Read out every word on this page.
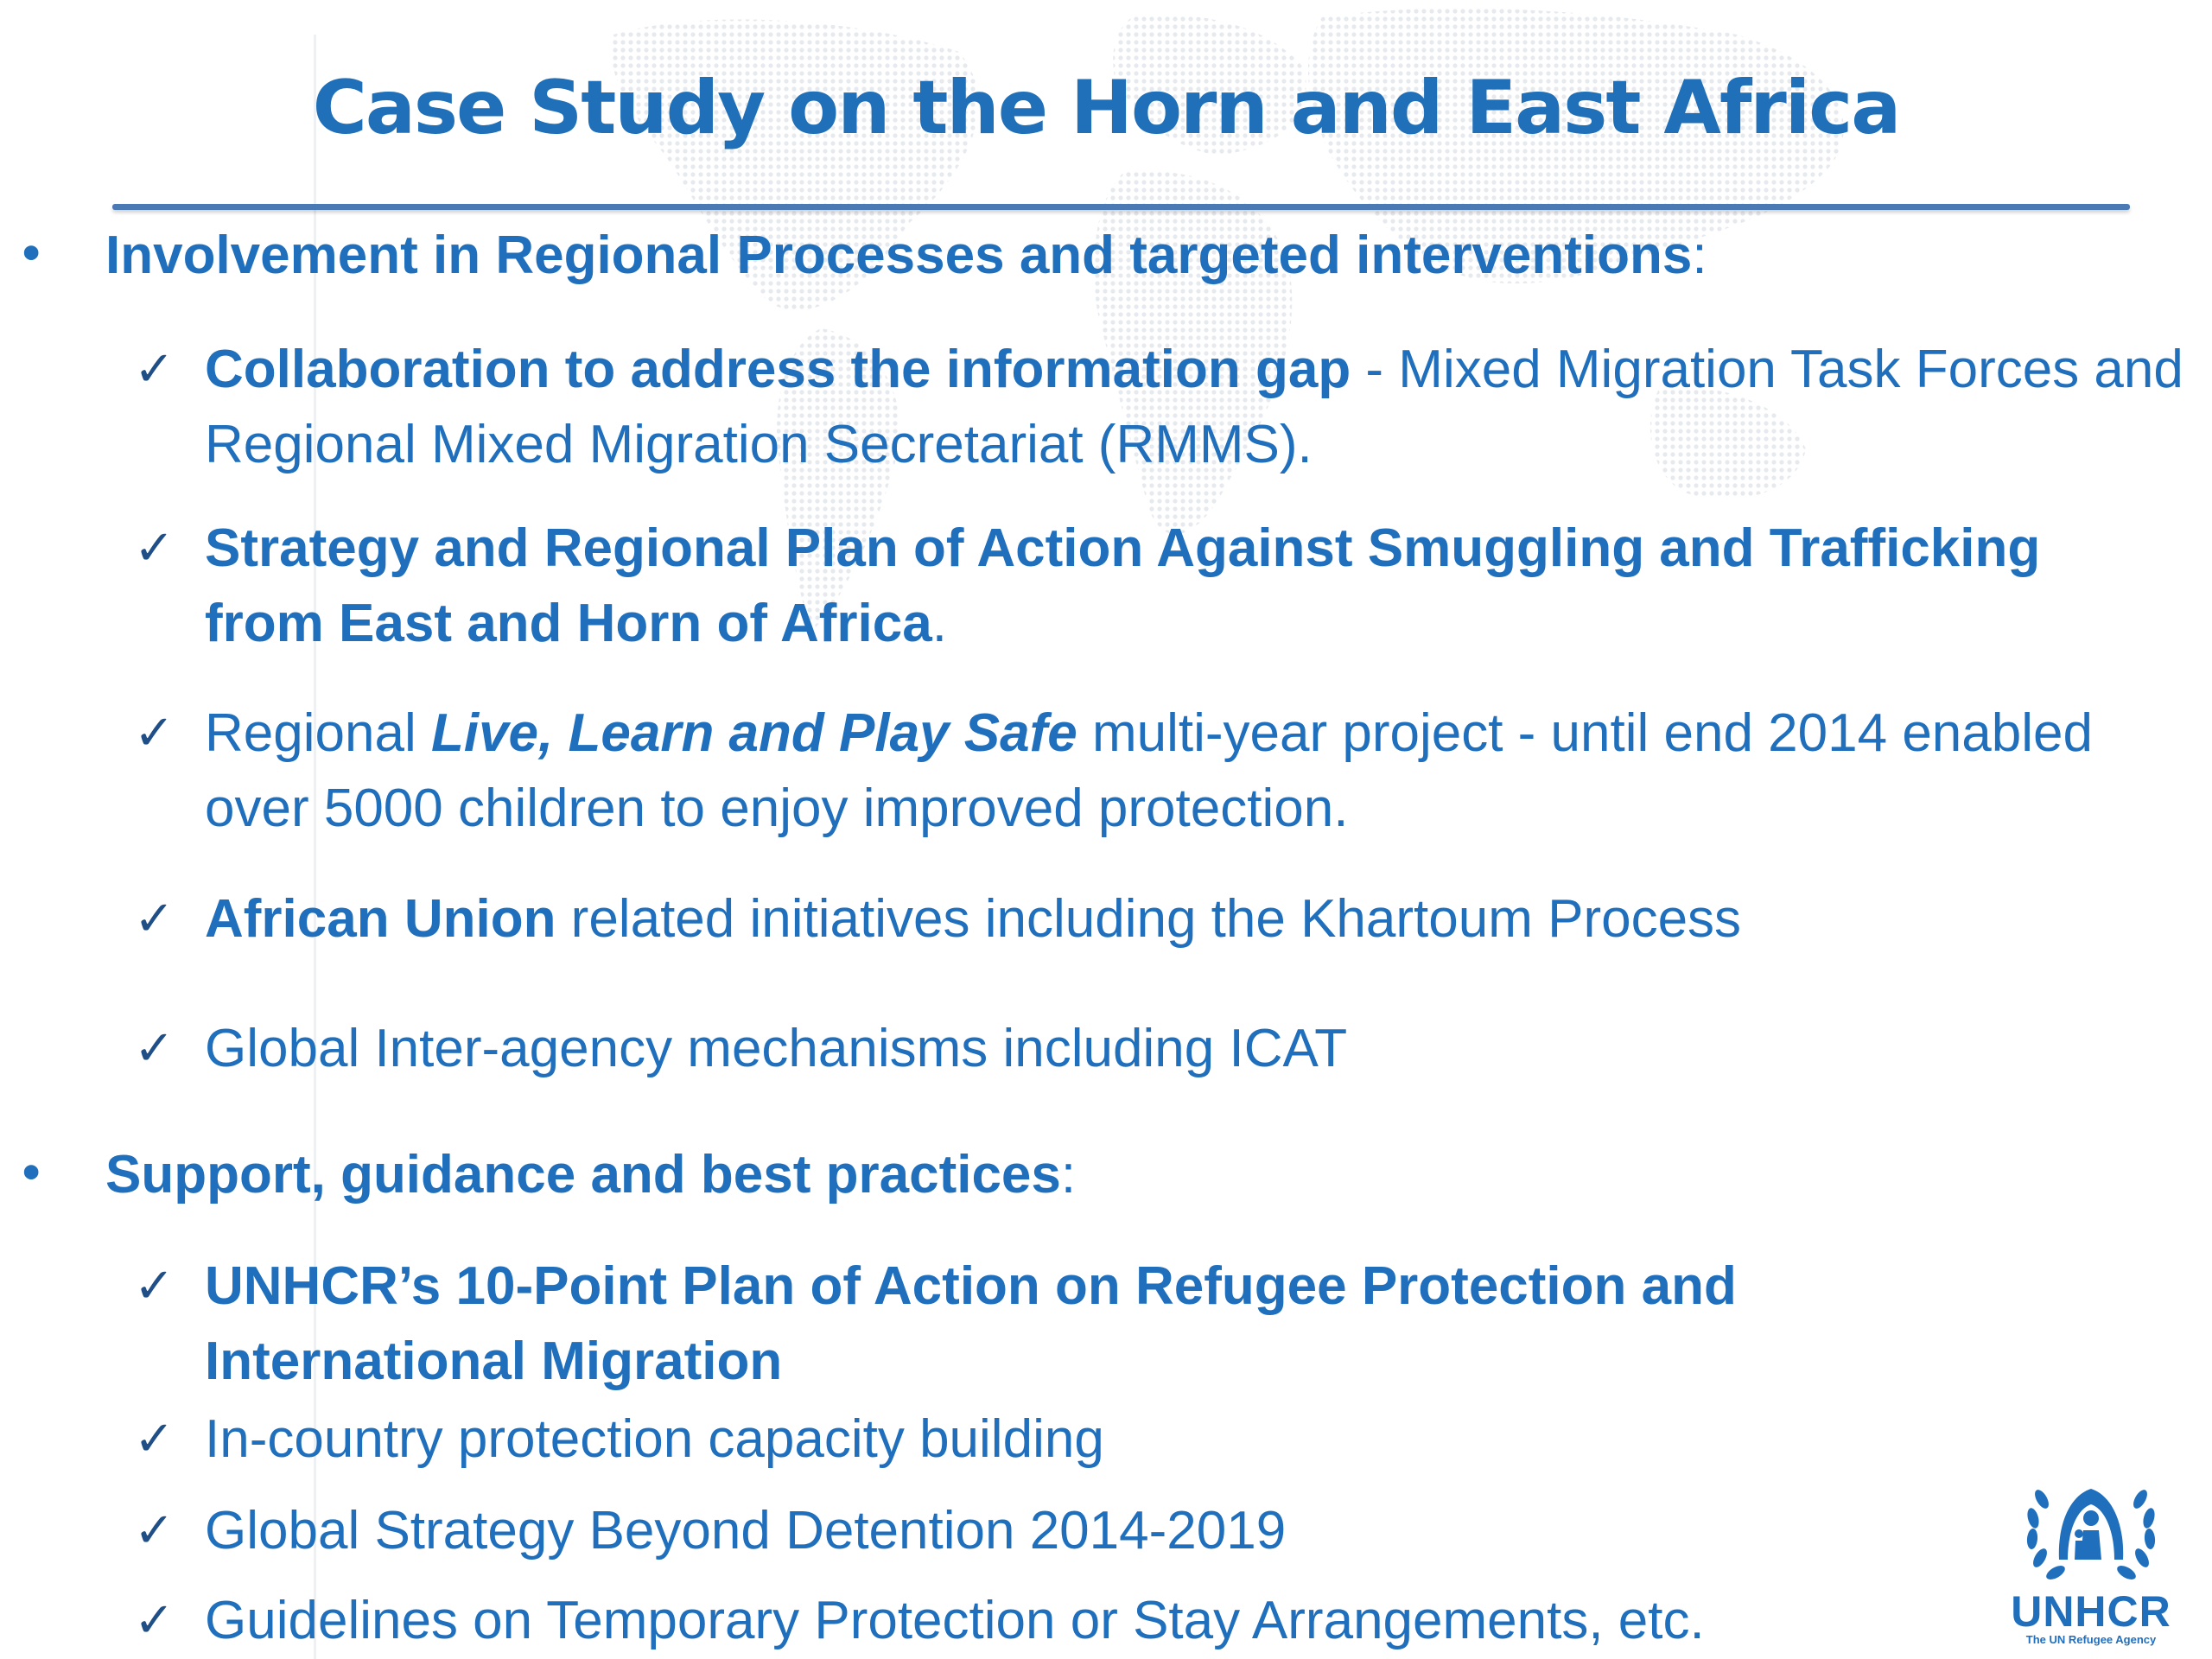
Case Study on the Horn and East Africa
• Involvement in Regional Processes and targeted interventions:
✓ Collaboration to address the information gap - Mixed Migration Task Forces and Regional Mixed Migration Secretariat (RMMS).
✓ Strategy and Regional Plan of Action Against Smuggling and Trafficking from East and Horn of Africa.
✓ Regional Live, Learn and Play Safe multi-year project - until end 2014 enabled over 5000 children to enjoy improved protection.
✓ African Union related initiatives including the Khartoum Process
✓ Global Inter-agency mechanisms including ICAT
• Support, guidance and best practices:
✓ UNHCR’s 10-Point Plan of Action on Refugee Protection and International Migration
✓ In-country protection capacity building
✓ Global Strategy Beyond Detention 2014-2019
✓ Guidelines on Temporary Protection or Stay Arrangements, etc.	UNHCR
The UN Refugee Agency
